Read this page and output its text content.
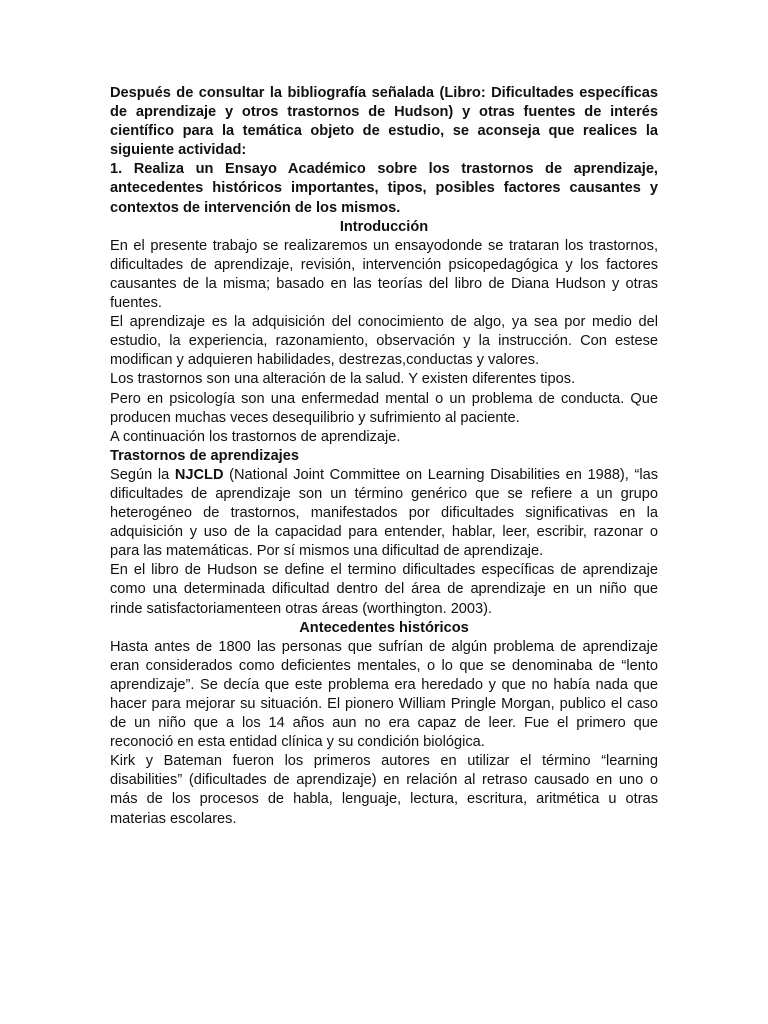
Después de consultar la bibliografía señalada (Libro: Dificultades específicas de aprendizaje y otros trastornos de Hudson) y otras fuentes de interés científico para la temática objeto de estudio, se aconseja que realices la siguiente actividad:

1. Realiza un Ensayo Académico sobre los trastornos de aprendizaje, antecedentes históricos importantes, tipos, posibles factores causantes y contextos de intervención de los mismos.

Introducción

En el presente trabajo se realizaremos un ensayodonde se trataran los trastornos, dificultades de aprendizaje, revisión, intervención psicopedagógica y los factores causantes de la misma; basado en las teorías del libro de Diana Hudson y otras fuentes.

El aprendizaje es la adquisición del conocimiento de algo, ya sea por medio del estudio, la experiencia, razonamiento, observación y la instrucción. Con estese modifican y adquieren habilidades, destrezas,conductas y valores.

Los trastornos son una alteración de la salud. Y existen diferentes tipos.

Pero en psicología son una enfermedad mental o un problema de conducta. Que producen muchas veces desequilibrio y sufrimiento al paciente.

A continuación los trastornos de aprendizaje.

Trastornos de aprendizajes

Según la NJCLD (National Joint Committee on Learning Disabilities en 1988), “las dificultades de aprendizaje son un término genérico que se refiere a un grupo heterogéneo de trastornos, manifestados por dificultades significativas en la adquisición y uso de la capacidad para entender, hablar, leer, escribir, razonar o para las matemáticas. Por sí mismos una dificultad de aprendizaje.

En el libro de Hudson se define el termino dificultades específicas de aprendizaje como una determinada dificultad dentro del área de aprendizaje en un niño que rinde satisfactoriamenteen otras áreas (worthington. 2003).

Antecedentes históricos

Hasta antes de 1800 las personas que sufrían de algún problema de aprendizaje eran considerados como deficientes mentales, o lo que se denominaba de “lento aprendizaje”. Se decía que este problema era heredado y que no había nada que hacer para mejorar su situación. El pionero William Pringle Morgan, publico el caso de un niño que a los 14 años aun no era capaz de leer. Fue el primero que reconoció en esta entidad clínica y su condición biológica.

Kirk y Bateman fueron los primeros autores en utilizar el término “learning disabilities” (dificultades de aprendizaje) en relación al retraso causado en uno o más de los procesos de habla, lenguaje, lectura, escritura, aritmética u otras materias escolares.
